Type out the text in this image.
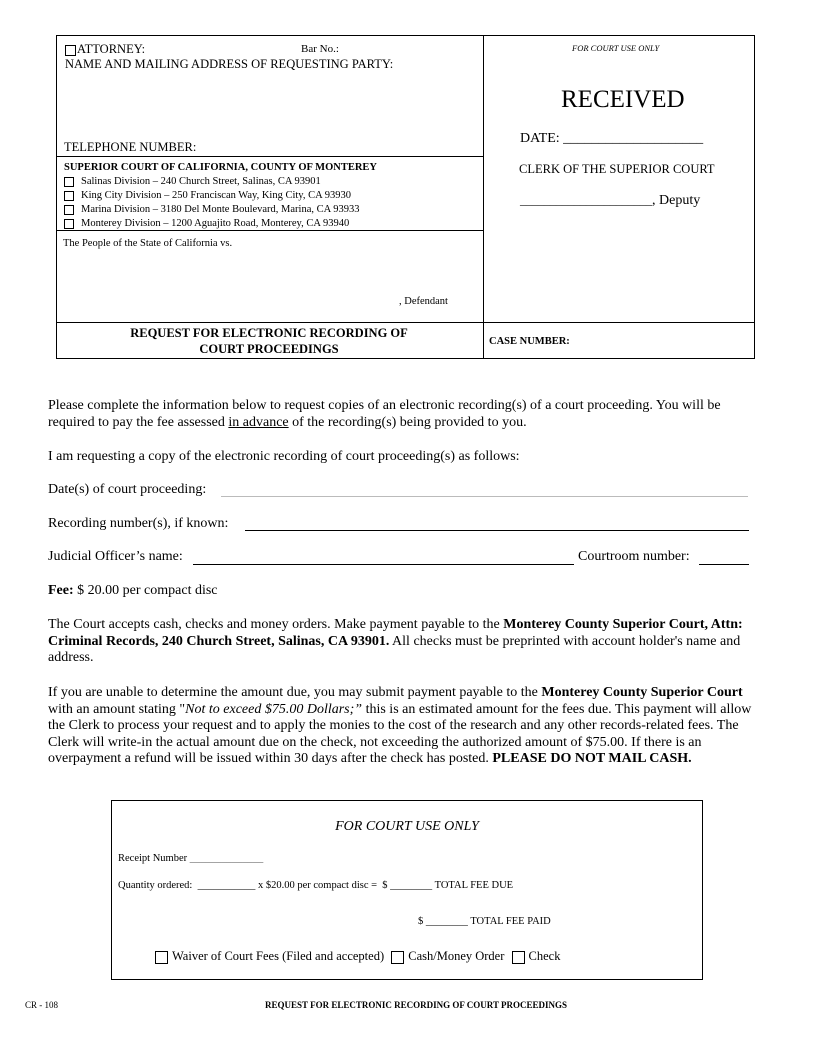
ATTORNEY:	Bar No.:
NAME AND MAILING ADDRESS OF REQUESTING PARTY:
TELEPHONE NUMBER:
FOR COURT USE ONLY
RECEIVED
DATE: ____________________
CLERK OF THE SUPERIOR COURT
______________________, Deputy
SUPERIOR COURT OF CALIFORNIA, COUNTY OF MONTEREY
Salinas Division – 240 Church Street, Salinas, CA 93901
King City Division – 250 Franciscan Way, King City, CA 93930
Marina Division – 3180 Del Monte Boulevard, Marina, CA 93933
Monterey Division – 1200 Aguajito Road, Monterey, CA 93940
The People of the State of California vs.
, Defendant
REQUEST FOR ELECTRONIC RECORDING OF
COURT PROCEEDINGS	CASE NUMBER:
Please complete the information below to request copies of an electronic recording(s) of a court proceeding. You will be required to pay the fee assessed in advance of the recording(s) being provided to you.
I am requesting a copy of the electronic recording of court proceeding(s) as follows:
Date(s) of court proceeding:
Recording number(s), if known:
Judicial Officer’s name:	Courtroom number:
Fee: $ 20.00 per compact disc
The Court accepts cash, checks and money orders. Make payment payable to the Monterey County Superior Court, Attn: Criminal Records, 240 Church Street, Salinas, CA 93901. All checks must be preprinted with account holder's name and address.
If you are unable to determine the amount due, you may submit payment payable to the Monterey County Superior Court with an amount stating "Not to exceed $75.00 Dollars;” this is an estimated amount for the fees due. This payment will allow the Clerk to process your request and to apply the monies to the cost of the research and any other records-related fees. The Clerk will write-in the actual amount due on the check, not exceeding the authorized amount of $75.00. If there is an overpayment a refund will be issued within 30 days after the check has posted. PLEASE DO NOT MAIL CASH.
FOR COURT USE ONLY
Receipt Number ______________
Quantity ordered: ___________ x $20.00 per compact disc = $ ________ TOTAL FEE DUE
$ ________ TOTAL FEE PAID
Waiver of Court Fees (Filed and accepted) Cash/Money Order Check
CR - 108	REQUEST FOR ELECTRONIC RECORDING OF COURT PROCEEDINGS
